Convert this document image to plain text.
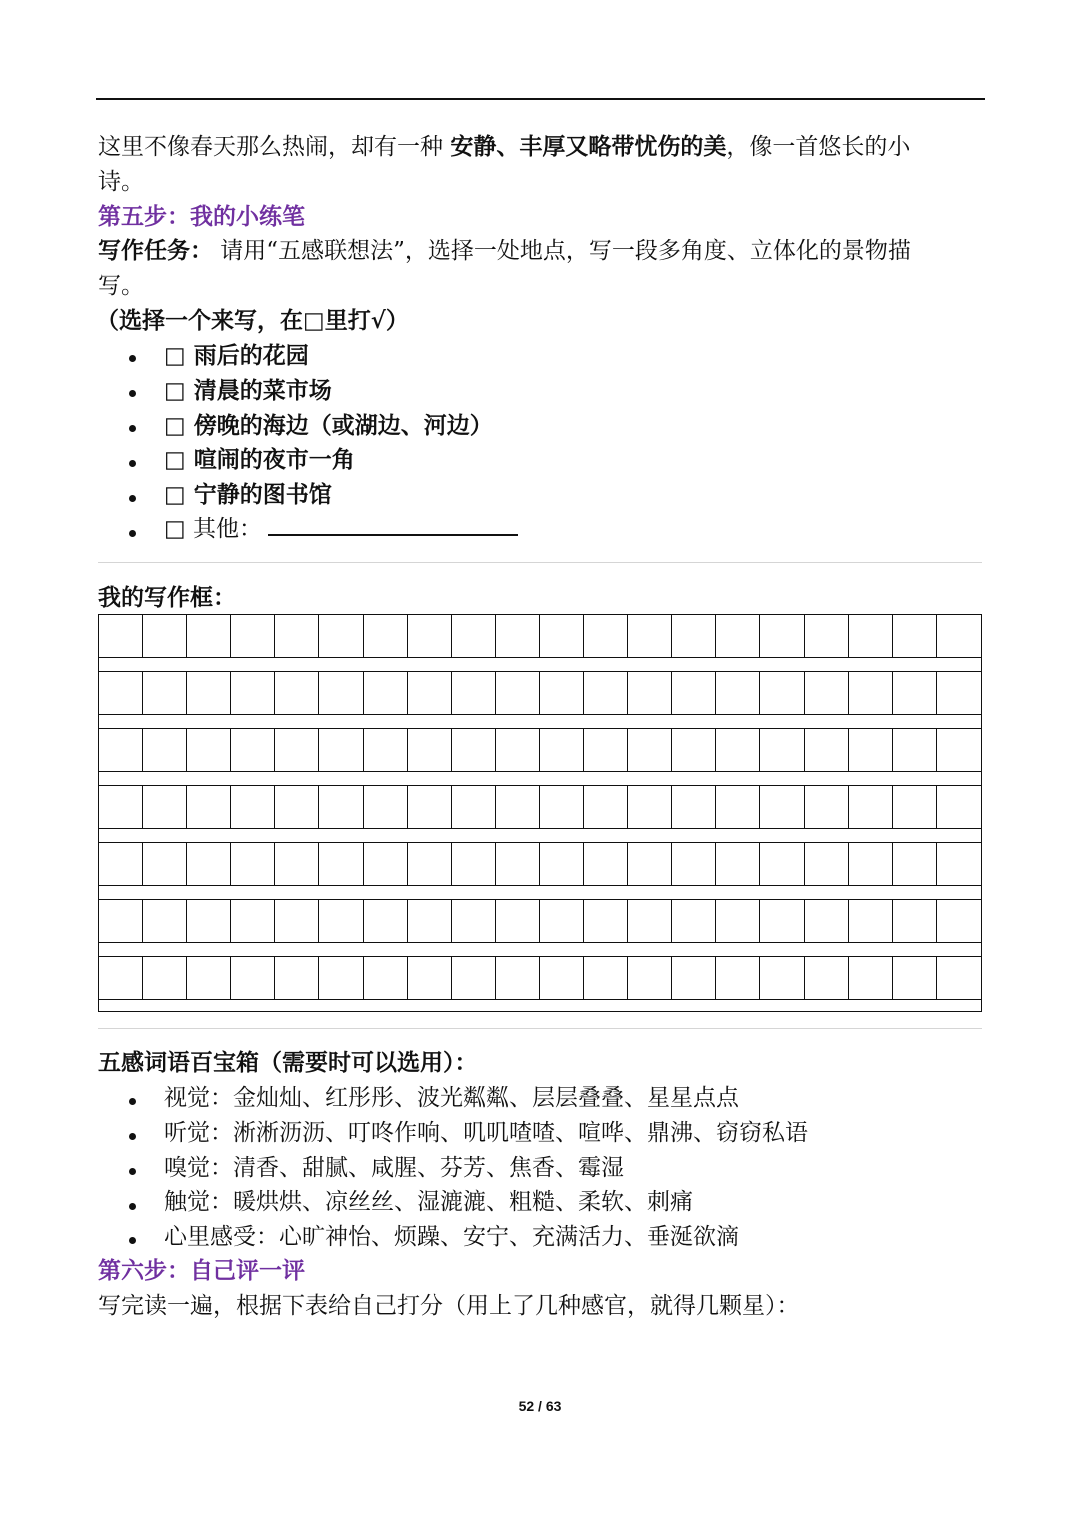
这里不像春天那么热闹，却有一种 安静、丰厚又略带忧伤的美，像一首悠长的小
诗。
第五步：我的小练笔
写作任务： 请用“五感联想法”，选择一处地点，写一段多角度、立体化的景物描
写。
（选择一个来写，在□里打√）
□ 雨后的花园
□ 清晨的菜市场
□ 傍晚的海边（或湖边、河边）
□ 喧闹的夜市一角
□ 宁静的图书馆
□ 其他：
我的写作框：
五感词语百宝箱（需要时可以选用）：
视觉：金灿灿、红彤彤、波光粼粼、层层叠叠、星星点点
听觉：淅淅沥沥、叮咚作响、叽叽喳喳、喧哗、鼎沸、窃窃私语
嗅觉：清香、甜腻、咸腥、芬芳、焦香、霉湿
触觉：暖烘烘、凉丝丝、湿漉漉、粗糙、柔软、刺痛
心里感受：心旷神怡、烦躁、安宁、充满活力、垂涎欲滴
第六步：自己评一评
写完读一遍，根据下表给自己打分（用上了几种感官，就得几颗星）：
52 / 63
